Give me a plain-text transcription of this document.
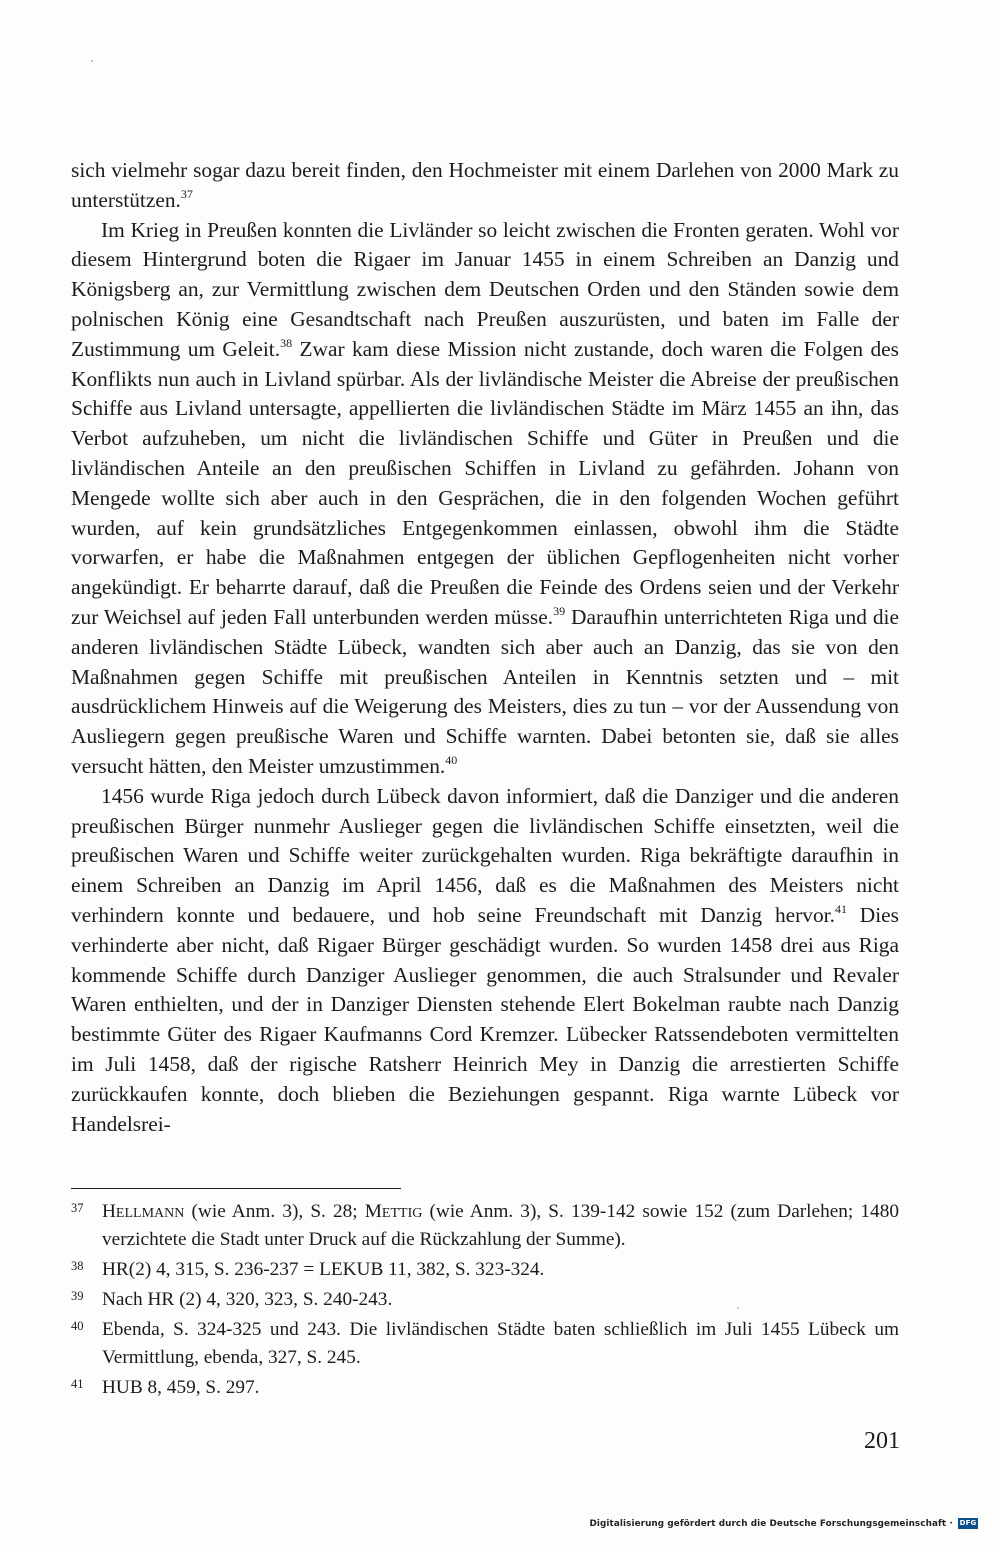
sich vielmehr sogar dazu bereit finden, den Hochmeister mit einem Darlehen von 2000 Mark zu unterstützen.$^{37}$

Im Krieg in Preußen konnten die Livländer so leicht zwischen die Fronten geraten. Wohl vor diesem Hintergrund boten die Rigaer im Januar 1455 in einem Schreiben an Danzig und Königsberg an, zur Vermittlung zwischen dem Deutschen Orden und den Ständen sowie dem polnischen König eine Gesandtschaft nach Preußen auszurüsten, und baten im Falle der Zustimmung um Geleit.$^{38}$ Zwar kam diese Mission nicht zustande, doch waren die Folgen des Konflikts nun auch in Livland spürbar. Als der livländische Meister die Abreise der preußischen Schiffe aus Livland untersagte, appellierten die livländischen Städte im März 1455 an ihn, das Verbot aufzuheben, um nicht die livländischen Schiffe und Güter in Preußen und die livländischen Anteile an den preußischen Schiffen in Livland zu gefährden. Johann von Mengede wollte sich aber auch in den Gesprächen, die in den folgenden Wochen geführt wurden, auf kein grundsätzliches Entgegenkommen einlassen, obwohl ihm die Städte vorwarfen, er habe die Maßnahmen entgegen der üblichen Gepflogenheiten nicht vorher angekündigt. Er beharrte darauf, daß die Preußen die Feinde des Ordens seien und der Verkehr zur Weichsel auf jeden Fall unterbunden werden müsse.$^{39}$ Daraufhin unterrichteten Riga und die anderen livländischen Städte Lübeck, wandten sich aber auch an Danzig, das sie von den Maßnahmen gegen Schiffe mit preußischen Anteilen in Kenntnis setzten und – mit ausdrücklichem Hinweis auf die Weigerung des Meisters, dies zu tun – vor der Aussendung von Ausliegern gegen preußische Waren und Schiffe warnten. Dabei betonten sie, daß sie alles versucht hätten, den Meister umzustimmen.$^{40}$

1456 wurde Riga jedoch durch Lübeck davon informiert, daß die Danziger und die anderen preußischen Bürger nunmehr Auslieger gegen die livländischen Schiffe einsetzten, weil die preußischen Waren und Schiffe weiter zurückgehalten wurden. Riga bekräftigte daraufhin in einem Schreiben an Danzig im April 1456, daß es die Maßnahmen des Meisters nicht verhindern konnte und bedauere, und hob seine Freundschaft mit Danzig hervor.$^{41}$ Dies verhinderte aber nicht, daß Rigaer Bürger geschädigt wurden. So wurden 1458 drei aus Riga kommende Schiffe durch Danziger Auslieger genommen, die auch Stralsunder und Revaler Waren enthielten, und der in Danziger Diensten stehende Elert Bokelman raubte nach Danzig bestimmte Güter des Rigaer Kaufmanns Cord Kremzer. Lübecker Ratssendeboten vermittelten im Juli 1458, daß der rigische Ratsherr Heinrich Mey in Danzig die arrestierten Schiffe zurückkaufen konnte, doch blieben die Beziehungen gespannt. Riga warnte Lübeck vor Handelsrei-

37 Hellmann (wie Anm. 3), S. 28; Mettig (wie Anm. 3), S. 139-142 sowie 152 (zum Darlehen; 1480 verzichtete die Stadt unter Druck auf die Rückzahlung der Summe).
38 HR(2) 4, 315, S. 236-237 = LEKUB 11, 382, S. 323-324.
39 Nach HR (2) 4, 320, 323, S. 240-243.
40 Ebenda, S. 324-325 und 243. Die livländischen Städte baten schließlich im Juli 1455 Lübeck um Vermittlung, ebenda, 327, S. 245.
41 HUB 8, 459, S. 297.
201
Digitalisierung gefördert durch die Deutsche Forschungsgemeinschaft · DFG
